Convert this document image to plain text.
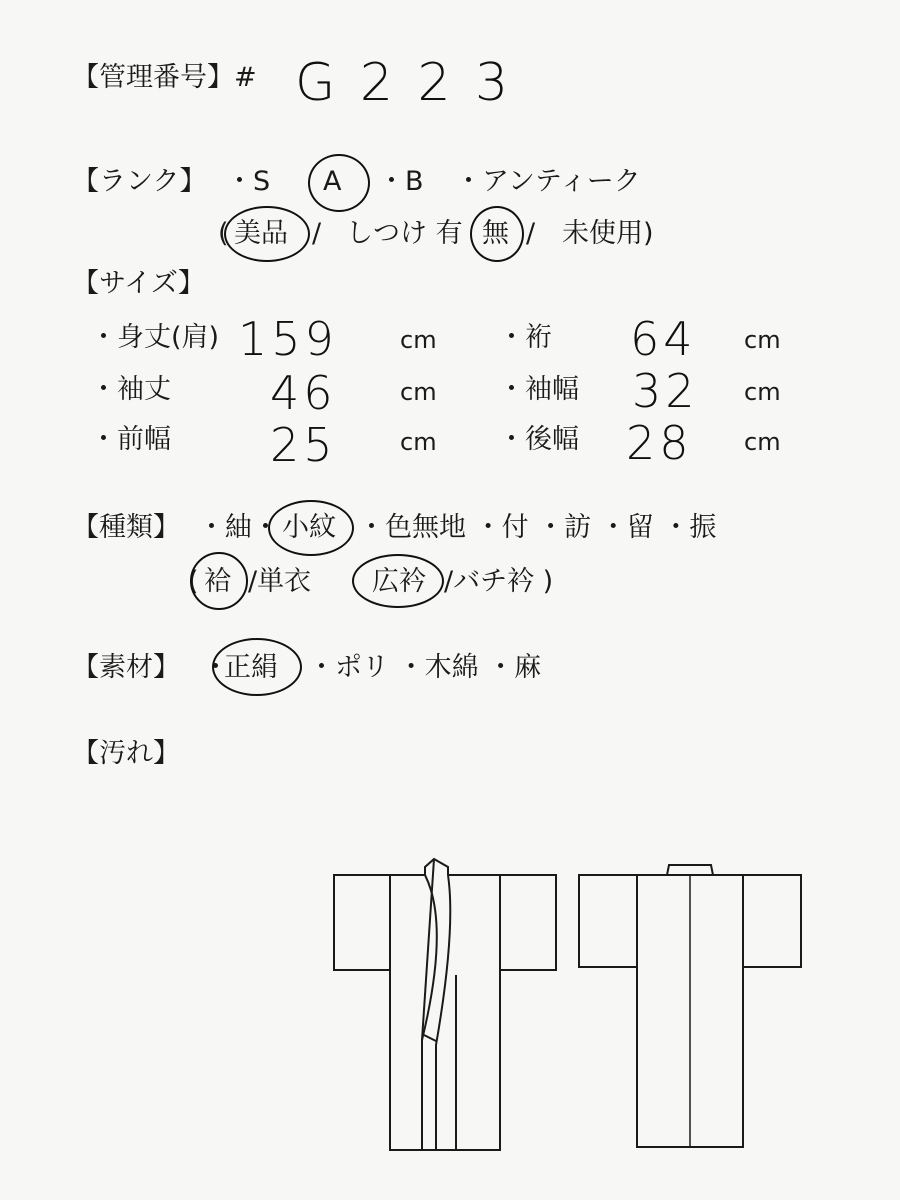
【管理番号】# G 2 2 3
【ランク】 ・S A ・B ・アンティーク
( 美品 / しつけ 有 無 / 未使用)
【サイズ】
・身丈(肩) 159	cm ・裄 64 cm
・袖丈 46	cm ・袖幅 32 cm
・前幅 25	cm ・後幅 28 cm
【種類】 ・紬・ 小紋 ・色無地 ・付 ・訪 ・留 ・振
( 袷 /単衣 広衿 /バチ衿 )
【素材】 ・
正絹 ・ポリ ・木綿 ・麻
【汚れ】
